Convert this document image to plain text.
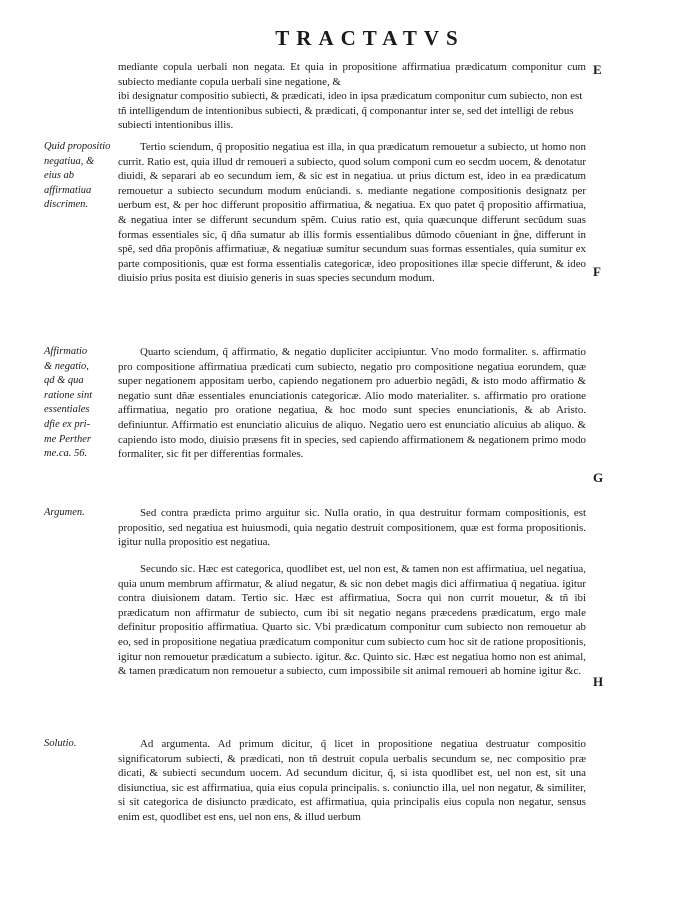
TRACTATVS
E
F
G
H
Quid propositio negatiua, &
eius ab affirmatiua
discrimen.
Affirmatio
& negatio,
qd & qua
ratione sint
essentiales
dfie ex pri-
me Perther
me.ca. 56.
Argumen.
Solutio.
mediante copula uerbali non negata. Et quia in propositione affirmatiua prædicatum componitur cum subiecto mediante copula uerbali sine negatione, &
ibi designatur compositio subiecti, & prædicati, ideo in ipsa prædicatum componitur cum subiecto, non est tñ intelligendum de intentionibus subiecti, & prædicati, q̃ componantur inter se, sed det intelligi de rebus subiecti intentionibus illis.
Tertio sciendum, q̃ propositio negatiua est illa, in qua prædicatum remouetur a subiecto, ut homo non currit. Ratio est, quia illud dr remoueri a subiecto, quod solum componi cum eo secdm uocem, & denotatur diuidi, & separari ab eo secundum iem, & sic est in negatiua. ut prius dictum est, ideo in ea prædicatum remouetur a subiecto secundum modum enûciandi. s. mediante negatione compositionis designatz per uerbum est, & per hoc differunt propositio affirmatiua, & negatiua. Ex quo patet q̃ propositio affirmatiua, & negatiua inter se differunt secundum spẽm. Cuius ratio est, quia quæcunque differunt secũdum suas formas essentiales sic, q̃ dña sumatur ab illis formis essentialibus dũmodo côueniant in g̃ne, differunt in spẽ, sed dña propônis affirmatiuæ, & negatiuæ sumitur secundum suas formas essentiales, quia sumitur ex parte compositionis, quæ est forma essentialis categoricæ, ideo propositiones illæ specie differunt, & ideo diuisio prius posita est diuisio generis in suas species secundum modum.
Quarto sciendum, q̃ affirmatio, & negatio dupliciter accipiuntur. Vno modo formaliter. s. affirmatio pro compositione affirmatiua prædicati cum subiecto, negatio pro compositione negatiua eorundem, quæ super negationem appositam uerbo, capiendo negationem pro aduerbio negãdi, & isto modo affirmatio & negatio sunt dñæ essentiales enunciationis categoricæ. Alio modo materialiter. s. affirmatio pro oratione affirmatiua, negatio pro oratione negatiua, & hoc modo sunt species enunciationis, & ab Aristo. definiuntur. Affirmatio est enunciatio alicuius de aliquo. Negatio uero est enunciatio alicuius ab aliquo. & capiendo isto modo, diuisio præsens fit in species, sed capiendo affirmationem & negationem primo modo formaliter, sic fit per differentias formales.
Sed contra prædicta primo arguitur sic. Nulla oratio, in qua destruitur formam compositionis, est propositio, sed negatiua est huiusmodi, quia negatio destruit compositionem, quæ est forma propositionis. igitur nulla propositio est negatiua.
Secundo sic. Hæc est categorica, quodlibet est, uel non est, & tamen non est affirmatiua, uel negatiua, quia unum membrum affirmatur, & aliud negatur, & sic non debet magis dici affirmatiua q̃ negatiua. igitur contra diuisionem datam. Tertio sic. Hæc est affirmatiua, Socra qui non currit mouetur, & tñ ibi prædicatum non affirmatur de subiecto, cum ibi sit negatio negans præcedens prædicatum, ergo male definitur propositio affirmatiua. Quarto sic. Vbi prædicatum componitur cum subiecto non remouetur ab eo, sed in propositione negatiua prædicatum componitur cum subiecto cum hoc sit de ratione propositionis, igitur non remouetur prædicatum a subiecto. igitur. &c. Quinto sic. Hæc est negatiua homo non est animal, & tamen prædicatum non remouetur a subiecto, cum impossibile sit animal remoueri ab homine igitur &c.
Ad argumenta. Ad primum dicitur, q̃ licet in propositione negatiua destruatur compositio significatorum subiecti, & prædicati, non tñ destruit copula uerbalis secundum se, nec compositio præ dicati, & subiecti secundum uocem. Ad secundum dicitur, q̃, si ista quodlibet est, uel non est, sit una disiunctiua, sic est affirmatiua, quia eius copula principalis. s. coniunctio illa, uel non negatur, & similiter, si sit categorica de disiuncto prædicato, est affirmatiua, quia principalis eius copula non negatur, sensus enim est, quodlibet est ens, uel non ens, & illud uerbum
